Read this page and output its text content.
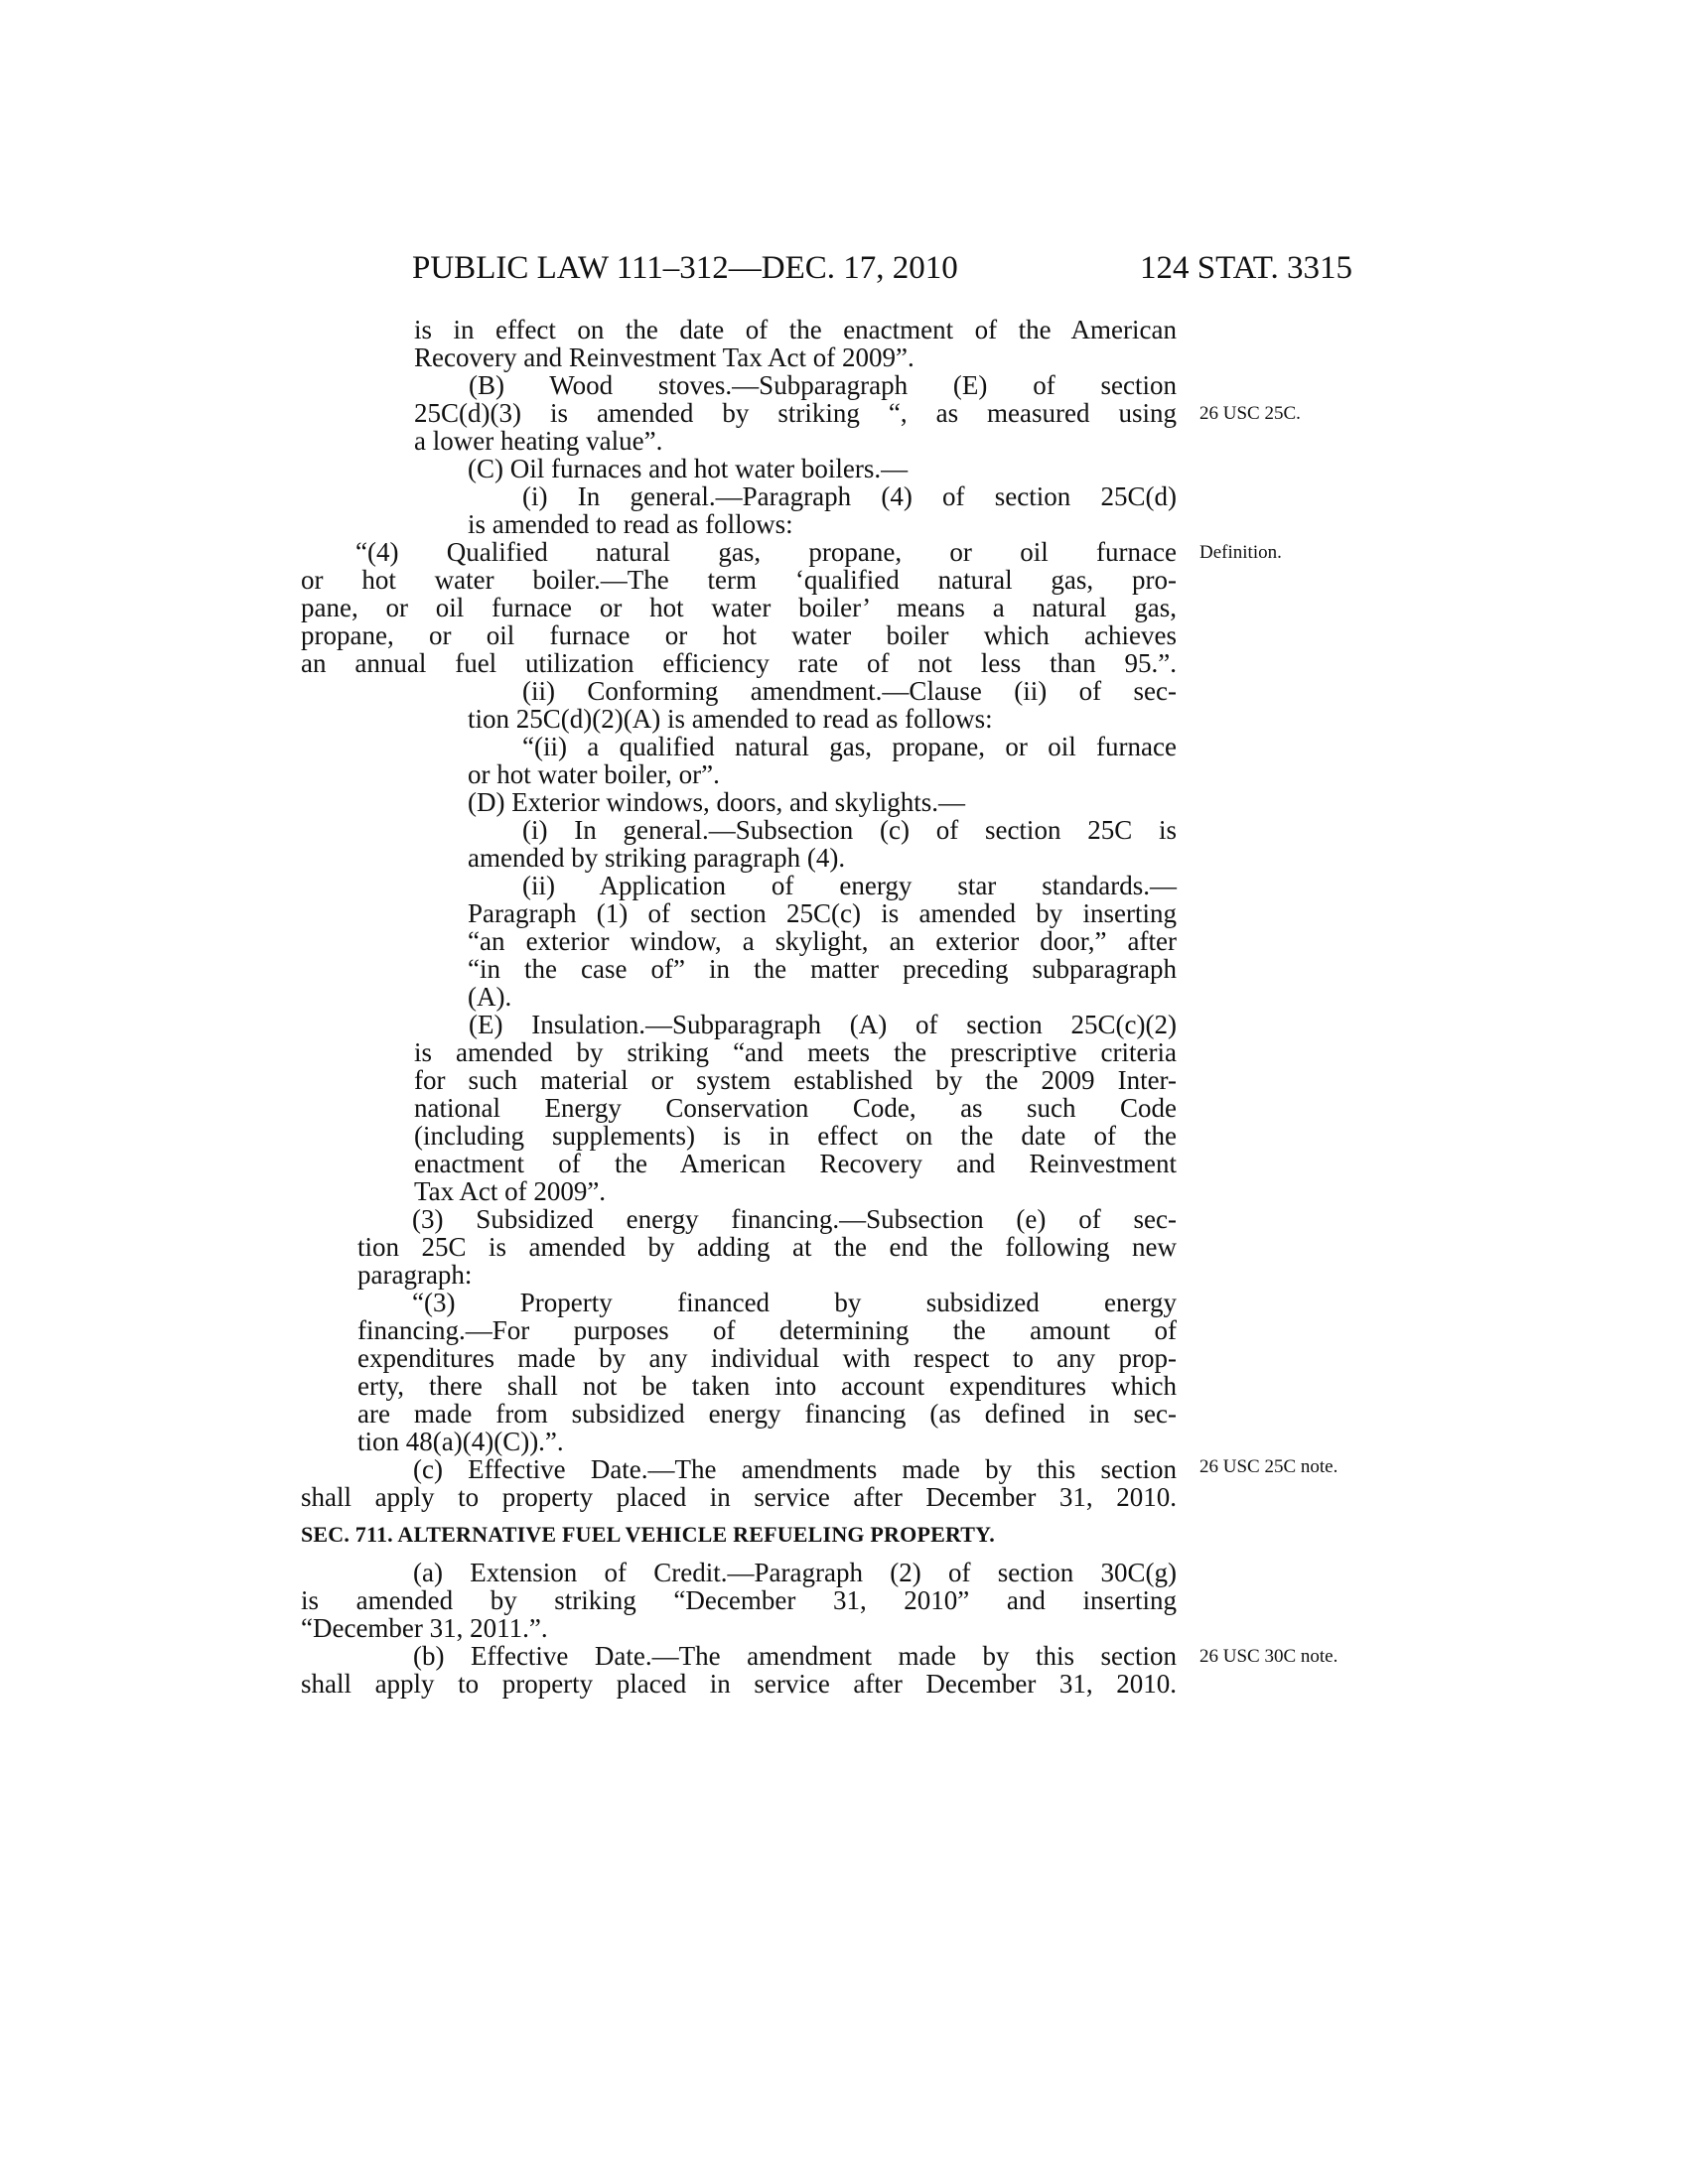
PUBLIC LAW 111–312—DEC. 17, 2010	124 STAT. 3315
is in effect on the date of the enactment of the American
Recovery and Reinvestment Tax Act of 2009”.
(B) Wood stoves.—Subparagraph (E) of section
25C(d)(3) is amended by striking “, as measured using
a lower heating value”.
(C) Oil furnaces and hot water boilers.—
(i) In general.—Paragraph (4) of section 25C(d)
is amended to read as follows:
“(4) Qualified natural gas, propane, or oil furnace
or hot water boiler.—The term ‘qualified natural gas, pro-
pane, or oil furnace or hot water boiler’ means a natural gas,
propane, or oil furnace or hot water boiler which achieves
an annual fuel utilization efficiency rate of not less than 95.”.
(ii) Conforming amendment.—Clause (ii) of sec-
tion 25C(d)(2)(A) is amended to read as follows:
“(ii) a qualified natural gas, propane, or oil furnace
or hot water boiler, or”.
(D) Exterior windows, doors, and skylights.—
(i) In general.—Subsection (c) of section 25C is
amended by striking paragraph (4).
(ii) Application of energy star standards.—
Paragraph (1) of section 25C(c) is amended by inserting
“an exterior window, a skylight, an exterior door,” after
“in the case of” in the matter preceding subparagraph
(A).
(E) Insulation.—Subparagraph (A) of section 25C(c)(2)
is amended by striking “and meets the prescriptive criteria
for such material or system established by the 2009 Inter-
national Energy Conservation Code, as such Code
(including supplements) is in effect on the date of the
enactment of the American Recovery and Reinvestment
Tax Act of 2009”.
(3) Subsidized energy financing.—Subsection (e) of sec-
tion 25C is amended by adding at the end the following new
paragraph:
“(3) Property financed by subsidized energy
financing.—For purposes of determining the amount of
expenditures made by any individual with respect to any prop-
erty, there shall not be taken into account expenditures which
are made from subsidized energy financing (as defined in sec-
tion 48(a)(4)(C)).”.
(c) Effective Date.—The amendments made by this section
shall apply to property placed in service after December 31, 2010.
SEC. 711. ALTERNATIVE FUEL VEHICLE REFUELING PROPERTY.
(a) Extension of Credit.—Paragraph (2) of section 30C(g)
is amended by striking “December 31, 2010” and inserting
“December 31, 2011.”.
(b) Effective Date.—The amendment made by this section
shall apply to property placed in service after December 31, 2010.
26 USC 25C.
Definition.
26 USC 25C note.
26 USC 30C note.
